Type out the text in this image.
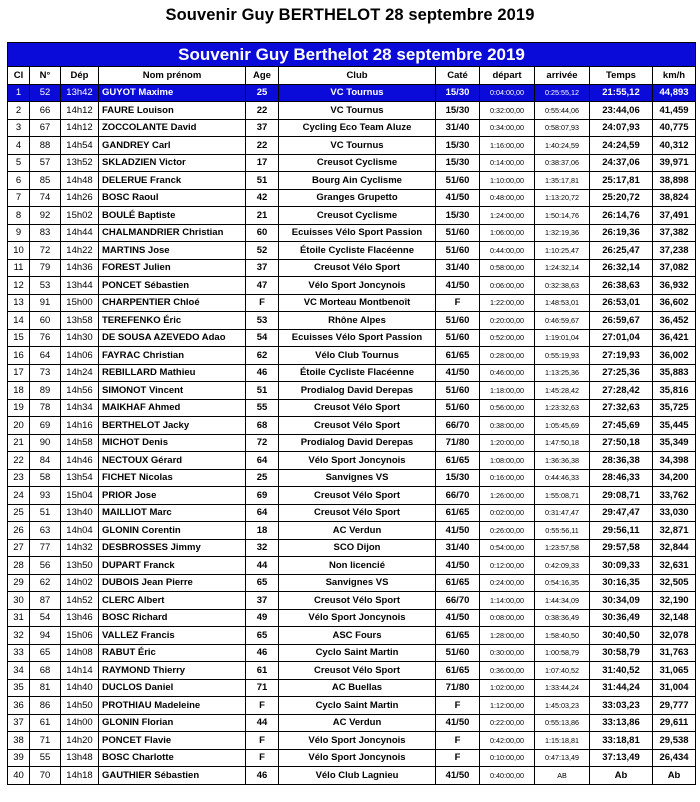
Souvenir Guy BERTHELOT 28 septembre 2019
Souvenir Guy Berthelot 28 septembre 2019										
Cl	N°	Dép	Nom prénom	Age	Club	Caté	départ	arrivée	Temps	km/h
1	52	13h42	GUYOT Maxime	25	VC Tournus	15/30	0:04:00,00	0:25:55,12	21:55,12	44,893
2	66	14h12	FAURE Louison	22	VC Tournus	15/30	0:32:00,00	0:55:44,06	23:44,06	41,459
3	67	14h12	ZOCCOLANTE David	37	Cycling Eco Team Aluze	31/40	0:34:00,00	0:58:07,93	24:07,93	40,775
4	88	14h54	GANDREY Carl	22	VC Tournus	15/30	1:16:00,00	1:40:24,59	24:24,59	40,312
5	57	13h52	SKLADZIEN Victor	17	Creusot Cyclisme	15/30	0:14:00,00	0:38:37,06	24:37,06	39,971
6	85	14h48	DELERUE Franck	51	Bourg Ain Cyclisme	51/60	1:10:00,00	1:35:17,81	25:17,81	38,898
7	74	14h26	BOSC Raoul	42	Granges Grupetto	41/50	0:48:00,00	1:13:20,72	25:20,72	38,824
8	92	15h02	BOULÉ Baptiste	21	Creusot Cyclisme	15/30	1:24:00,00	1:50:14,76	26:14,76	37,491
9	83	14h44	CHALMANDRIER Christian	60	Ecuisses Vélo Sport Passion	51/60	1:06:00,00	1:32:19,36	26:19,36	37,382
10	72	14h22	MARTINS Jose	52	Étoile Cycliste Flacéenne	51/60	0:44:00,00	1:10:25,47	26:25,47	37,238
11	79	14h36	FOREST Julien	37	Creusot Vélo Sport	31/40	0:58:00,00	1:24:32,14	26:32,14	37,082
12	53	13h44	PONCET Sébastien	47	Vélo Sport Joncynois	41/50	0:06:00,00	0:32:38,63	26:38,63	36,932
13	91	15h00	CHARPENTIER Chloé	F	VC Morteau Montbenoît	F	1:22:00,00	1:48:53,01	26:53,01	36,602
14	60	13h58	TEREFENKO Éric	53	Rhône Alpes	51/60	0:20:00,00	0:46:59,67	26:59,67	36,452
15	76	14h30	DE SOUSA AZEVEDO Adao	54	Ecuisses Vélo Sport Passion	51/60	0:52:00,00	1:19:01,04	27:01,04	36,421
16	64	14h06	FAYRAC Christian	62	Vélo Club Tournus	61/65	0:28:00,00	0:55:19,93	27:19,93	36,002
17	73	14h24	REBILLARD Mathieu	46	Étoile Cycliste Flacéenne	41/50	0:46:00,00	1:13:25,36	27:25,36	35,883
18	89	14h56	SIMONOT Vincent	51	Prodialog David Derepas	51/60	1:18:00,00	1:45:28,42	27:28,42	35,816
19	78	14h34	MAIKHAF Ahmed	55	Creusot Vélo Sport	51/60	0:56:00,00	1:23:32,63	27:32,63	35,725
20	69	14h16	BERTHELOT Jacky	68	Creusot Vélo Sport	66/70	0:38:00,00	1:05:45,69	27:45,69	35,445
21	90	14h58	MICHOT Denis	72	Prodialog David Derepas	71/80	1:20:00,00	1:47:50,18	27:50,18	35,349
22	84	14h46	NECTOUX Gérard	64	Vélo Sport Joncynois	61/65	1:08:00,00	1:36:36,38	28:36,38	34,398
23	58	13h54	FICHET Nicolas	25	Sanvignes VS	15/30	0:16:00,00	0:44:46,33	28:46,33	34,200
24	93	15h04	PRIOR Jose	69	Creusot Vélo Sport	66/70	1:26:00,00	1:55:08,71	29:08,71	33,762
25	51	13h40	MAILLIOT Marc	64	Creusot Vélo Sport	61/65	0:02:00,00	0:31:47,47	29:47,47	33,030
26	63	14h04	GLONIN Corentin	18	AC Verdun	41/50	0:26:00,00	0:55:56,11	29:56,11	32,871
27	77	14h32	DESBROSSES Jimmy	32	SCO Dijon	31/40	0:54:00,00	1:23:57,58	29:57,58	32,844
28	56	13h50	DUPART Franck	44	Non licencié	41/50	0:12:00,00	0:42:09,33	30:09,33	32,631
29	62	14h02	DUBOIS Jean Pierre	65	Sanvignes VS	61/65	0:24:00,00	0:54:16,35	30:16,35	32,505
30	87	14h52	CLERC Albert	37	Creusot Vélo Sport	66/70	1:14:00,00	1:44:34,09	30:34,09	32,190
31	54	13h46	BOSC Richard	49	Vélo Sport Joncynois	41/50	0:08:00,00	0:38:36,49	30:36,49	32,148
32	94	15h06	VALLEZ Francis	65	ASC Fours	61/65	1:28:00,00	1:58:40,50	30:40,50	32,078
33	65	14h08	RABUT Éric	46	Cyclo Saint Martin	51/60	0:30:00,00	1:00:58,79	30:58,79	31,763
34	68	14h14	RAYMOND Thierry	61	Creusot Vélo Sport	61/65	0:36:00,00	1:07:40,52	31:40,52	31,065
35	81	14h40	DUCLOS Daniel	71	AC Buellas	71/80	1:02:00,00	1:33:44,24	31:44,24	31,004
36	86	14h50	PROTHIAU Madeleine	F	Cyclo Saint Martin	F	1:12:00,00	1:45:03,23	33:03,23	29,777
37	61	14h00	GLONIN Florian	44	AC Verdun	41/50	0:22:00,00	0:55:13,86	33:13,86	29,611
38	71	14h20	PONCET Flavie	F	Vélo Sport Joncynois	F	0:42:00,00	1:15:18,81	33:18,81	29,538
39	55	13h48	BOSC Charlotte	F	Vélo Sport Joncynois	F	0:10:00,00	0:47:13,49	37:13,49	26,434
40	70	14h18	GAUTHIER Sébastien	46	Vélo Club Lagnieu	41/50	0:40:00,00	AB	Ab	Ab
